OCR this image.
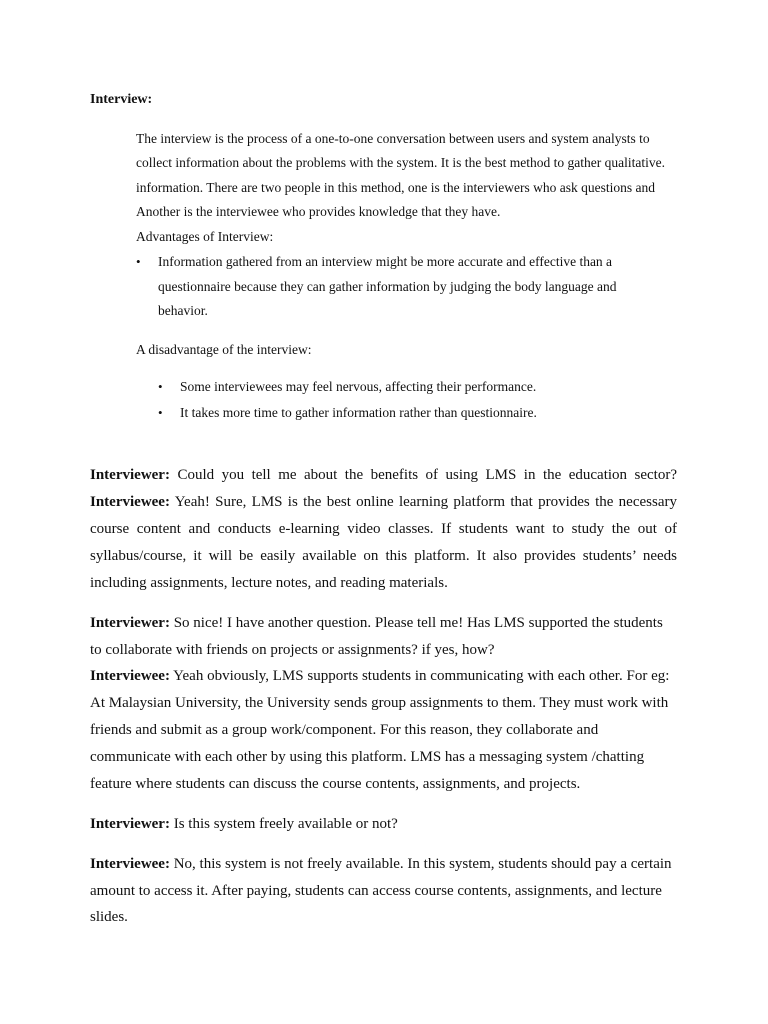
Interview:
The interview is the process of a one-to-one conversation between users and system analysts to
collect information about the problems with the system. It is the best method to gather qualitative.
information. There are two people in this method, one is the interviewers who ask questions and
Another is the interviewee who provides knowledge that they have.
Advantages of Interview:
• Information gathered from an interview might be more accurate and effective than a
questionnaire because they can gather information by judging the body language and
behavior.
A disadvantage of the interview:
• Some interviewees may feel nervous, affecting their performance.
• It takes more time to gather information rather than questionnaire.
Interviewer: Could you tell me about the benefits of using LMS in the education sector?
Interviewee: Yeah! Sure, LMS is the best online learning platform that provides the necessary
course content and conducts e-learning video classes. If students want to study the out of
syllabus/course, it will be easily available on this platform. It also provides students’ needs
including assignments, lecture notes, and reading materials.
Interviewer: So nice! I have another question. Please tell me! Has LMS supported the students
to collaborate with friends on projects or assignments? if yes, how?
Interviewee: Yeah obviously, LMS supports students in communicating with each other. For eg:
At Malaysian University, the University sends group assignments to them. They must work with
friends and submit as a group work/component. For this reason, they collaborate and
communicate with each other by using this platform. LMS has a messaging system /chatting
feature where students can discuss the course contents, assignments, and projects.
Interviewer: Is this system freely available or not?
Interviewee: No, this system is not freely available. In this system, students should pay a certain
amount to access it. After paying, students can access course contents, assignments, and lecture
slides.
